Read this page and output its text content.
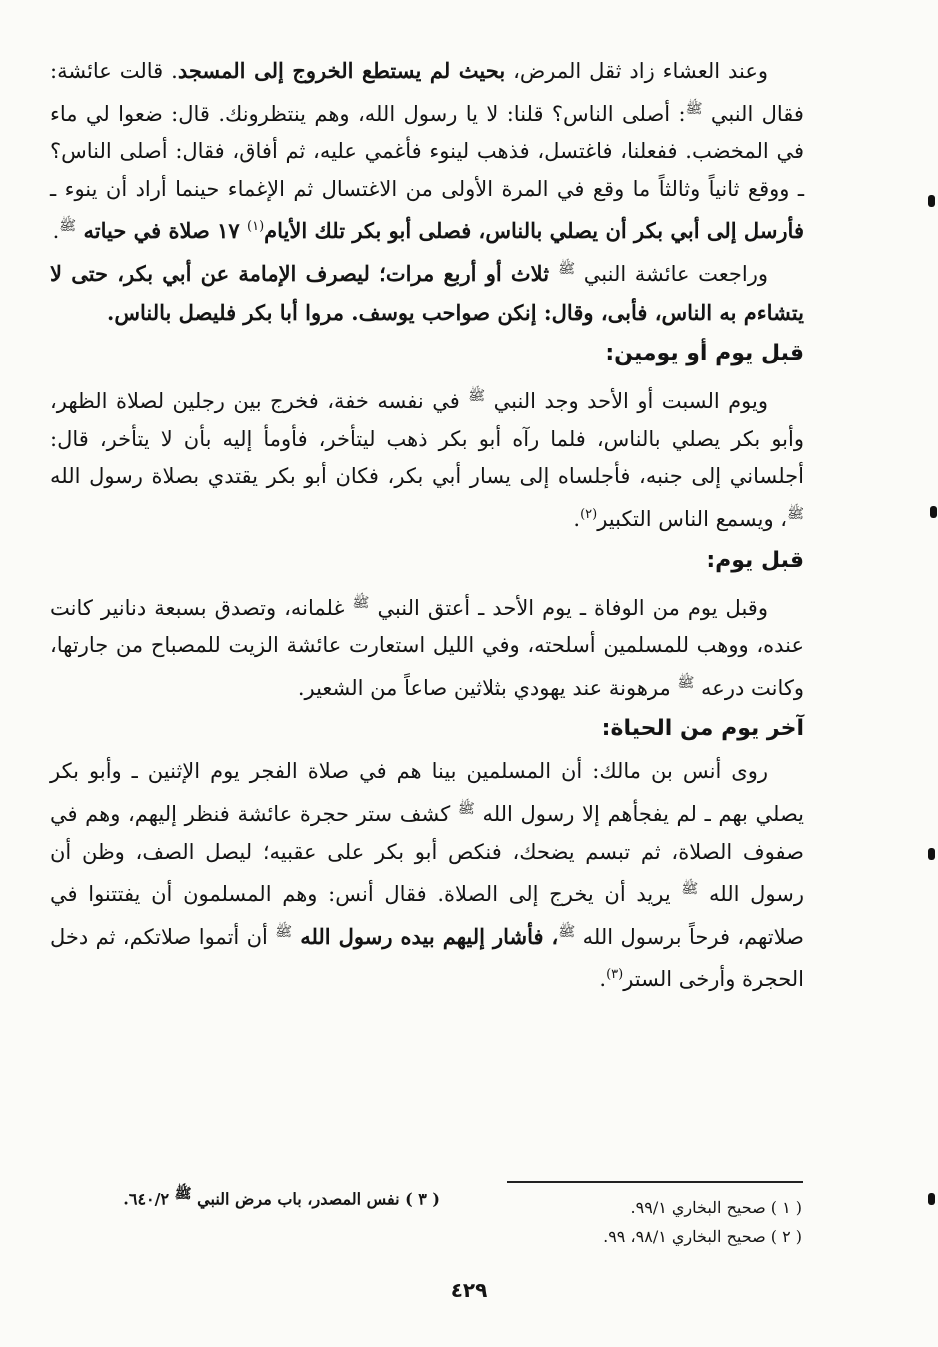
وعند العشاء زاد ثقل المرض، بحيث لم يستطع الخروج إلى المسجد. قالت عائشة: فقال النبي $^ﷺ$: أصلى الناس؟ قلنا: لا يا رسول الله، وهم ينتظرونك. قال: ضعوا لي ماء في المخضب. ففعلنا، فاغتسل، فذهب لينوء فأغمي عليه، ثم أفاق، فقال: أصلى الناس؟ ـ ووقع ثانياً وثالثاً ما وقع في المرة الأولى من الاغتسال ثم الإغماء حينما أراد أن ينوء ـ فأرسل إلى أبي بكر أن يصلي بالناس، فصلى أبو بكر تلك الأيام$^{(١)}$ ١٧ صلاة في حياته $^ﷺ$.

وراجعت عائشة النبي $^ﷺ$ ثلاث أو أربع مرات؛ ليصرف الإمامة عن أبي بكر، حتى لا يتشاءم به الناس، فأبى، وقال: إنكن صواحب يوسف. مروا أبا بكر فليصل بالناس.

قبل يوم أو يومين:

ويوم السبت أو الأحد وجد النبي $^ﷺ$ في نفسه خفة، فخرج بين رجلين لصلاة الظهر، وأبو بكر يصلي بالناس، فلما رآه أبو بكر ذهب ليتأخر، فأومأ إليه بأن لا يتأخر، قال: أجلساني إلى جنبه، فأجلساه إلى يسار أبي بكر، فكان أبو بكر يقتدي بصلاة رسول الله $^ﷺ$، ويسمع الناس التكبير$^{(٢)}$.

قبل يوم:

وقبل يوم من الوفاة ـ يوم الأحد ـ أعتق النبي $^ﷺ$ غلمانه، وتصدق بسبعة دنانير كانت عنده، ووهب للمسلمين أسلحته، وفي الليل استعارت عائشة الزيت للمصباح من جارتها، وكانت درعه $^ﷺ$ مرهونة عند يهودي بثلاثين صاعاً من الشعير.

آخر يوم من الحياة:

روى أنس بن مالك: أن المسلمين بينا هم في صلاة الفجر يوم الإثنين ـ وأبو بكر يصلي بهم ـ لم يفجأهم إلا رسول الله $^ﷺ$ كشف ستر حجرة عائشة فنظر إليهم، وهم في صفوف الصلاة، ثم تبسم يضحك، فنكص أبو بكر على عقبيه؛ ليصل الصف، وظن أن رسول الله $^ﷺ$ يريد أن يخرج إلى الصلاة. فقال أنس: وهم المسلمون أن يفتتنوا في صلاتهم، فرحاً برسول الله $^ﷺ$، فأشار إليهم بيده رسول الله $^ﷺ$ أن أتموا صلاتكم، ثم دخل الحجرة وأرخى الستر$^{(٣)}$.

( ١ ) صحيح البخاري ٩٩/١.
( ٢ ) صحيح البخاري ٩٨/١، ٩٩.
( ٣ ) نفس المصدر، باب مرض النبي ﷺ ٦٤٠/٢.
٤٢٩
